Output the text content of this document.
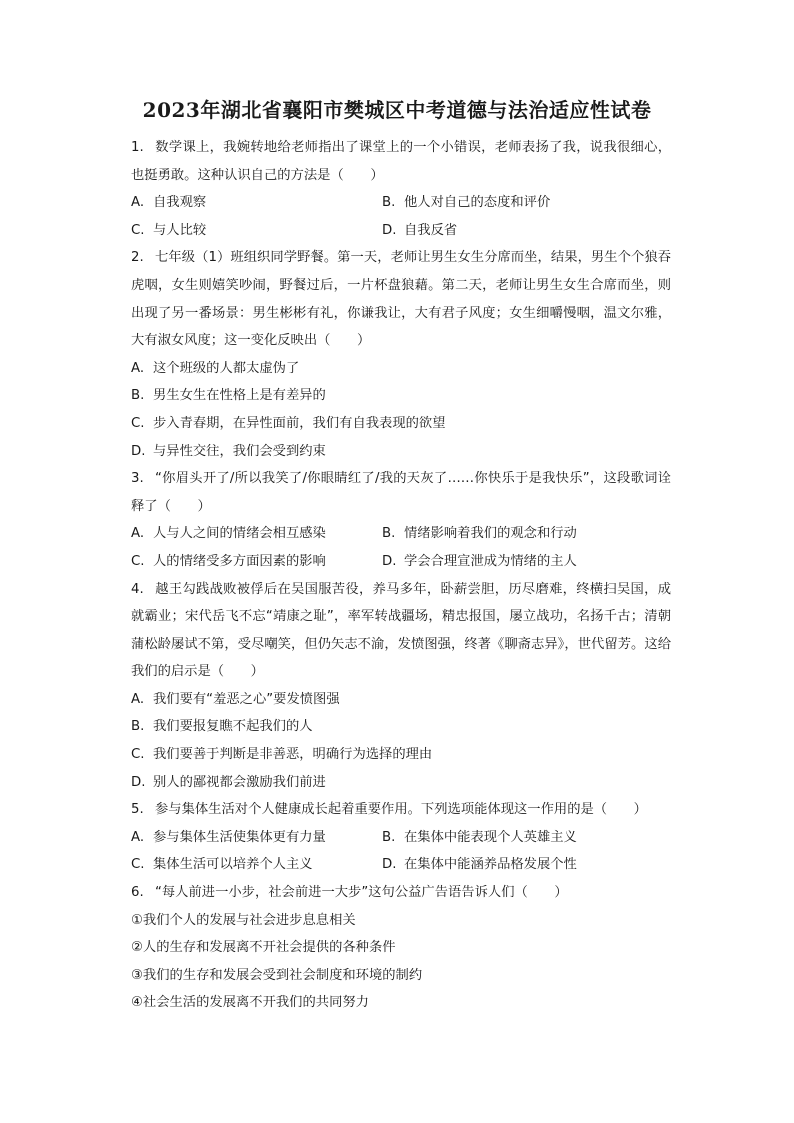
2023年湖北省襄阳市樊城区中考道德与法治适应性试卷

1. 数学课上，我婉转地给老师指出了课堂上的一个小错误，老师表扬了我，说我很细心，也挺勇敢。这种认识自己的方法是（　　）

A. 自我观察	B. 他人对自己的态度和评价
C. 与人比较	D. 自我反省

2. 七年级（1）班组织同学野餐。第一天，老师让男生女生分席而坐，结果，男生个个狼吞虎咽，女生则嬉笑吵闹，野餐过后，一片杯盘狼藉。第二天，老师让男生女生合席而坐，则出现了另一番场景：男生彬彬有礼，你谦我让，大有君子风度；女生细嚼慢咽，温文尔雅，大有淑女风度；这一变化反映出（　　）

A. 这个班级的人都太虚伪了
B. 男生女生在性格上是有差异的
C. 步入青春期，在异性面前，我们有自我表现的欲望
D. 与异性交往，我们会受到约束

3. “你眉头开了/所以我笑了/你眼睛红了/我的天灰了……你快乐于是我快乐”，这段歌词诠释了（　　）

A. 人与人之间的情绪会相互感染	B. 情绪影响着我们的观念和行动
C. 人的情绪受多方面因素的影响	D. 学会合理宣泄成为情绪的主人

4. 越王勾践战败被俘后在吴国服苦役，养马多年，卧薪尝胆，历尽磨难，终横扫吴国，成就霸业；宋代岳飞不忘“靖康之耻”，率军转战疆场，精忠报国，屡立战功，名扬千古；清朝蒲松龄屡试不第，受尽嘲笑，但仍矢志不渝，发愤图强，终著《聊斋志异》，世代留芳。这给我们的启示是（　　）

A. 我们要有“羞恶之心”要发愤图强
B. 我们要报复瞧不起我们的人
C. 我们要善于判断是非善恶，明确行为选择的理由
D. 别人的鄙视都会激励我们前进

5. 参与集体生活对个人健康成长起着重要作用。下列选项能体现这一作用的是（　　）

A. 参与集体生活使集体更有力量	B. 在集体中能表现个人英雄主义
C. 集体生活可以培养个人主义	D. 在集体中能涵养品格发展个性

6. “每人前进一小步，社会前进一大步”这句公益广告语告诉人们（　　）

①我们个人的发展与社会进步息息相关
②人的生存和发展离不开社会提供的各种条件
③我们的生存和发展会受到社会制度和环境的制约
④社会生活的发展离不开我们的共同努力
